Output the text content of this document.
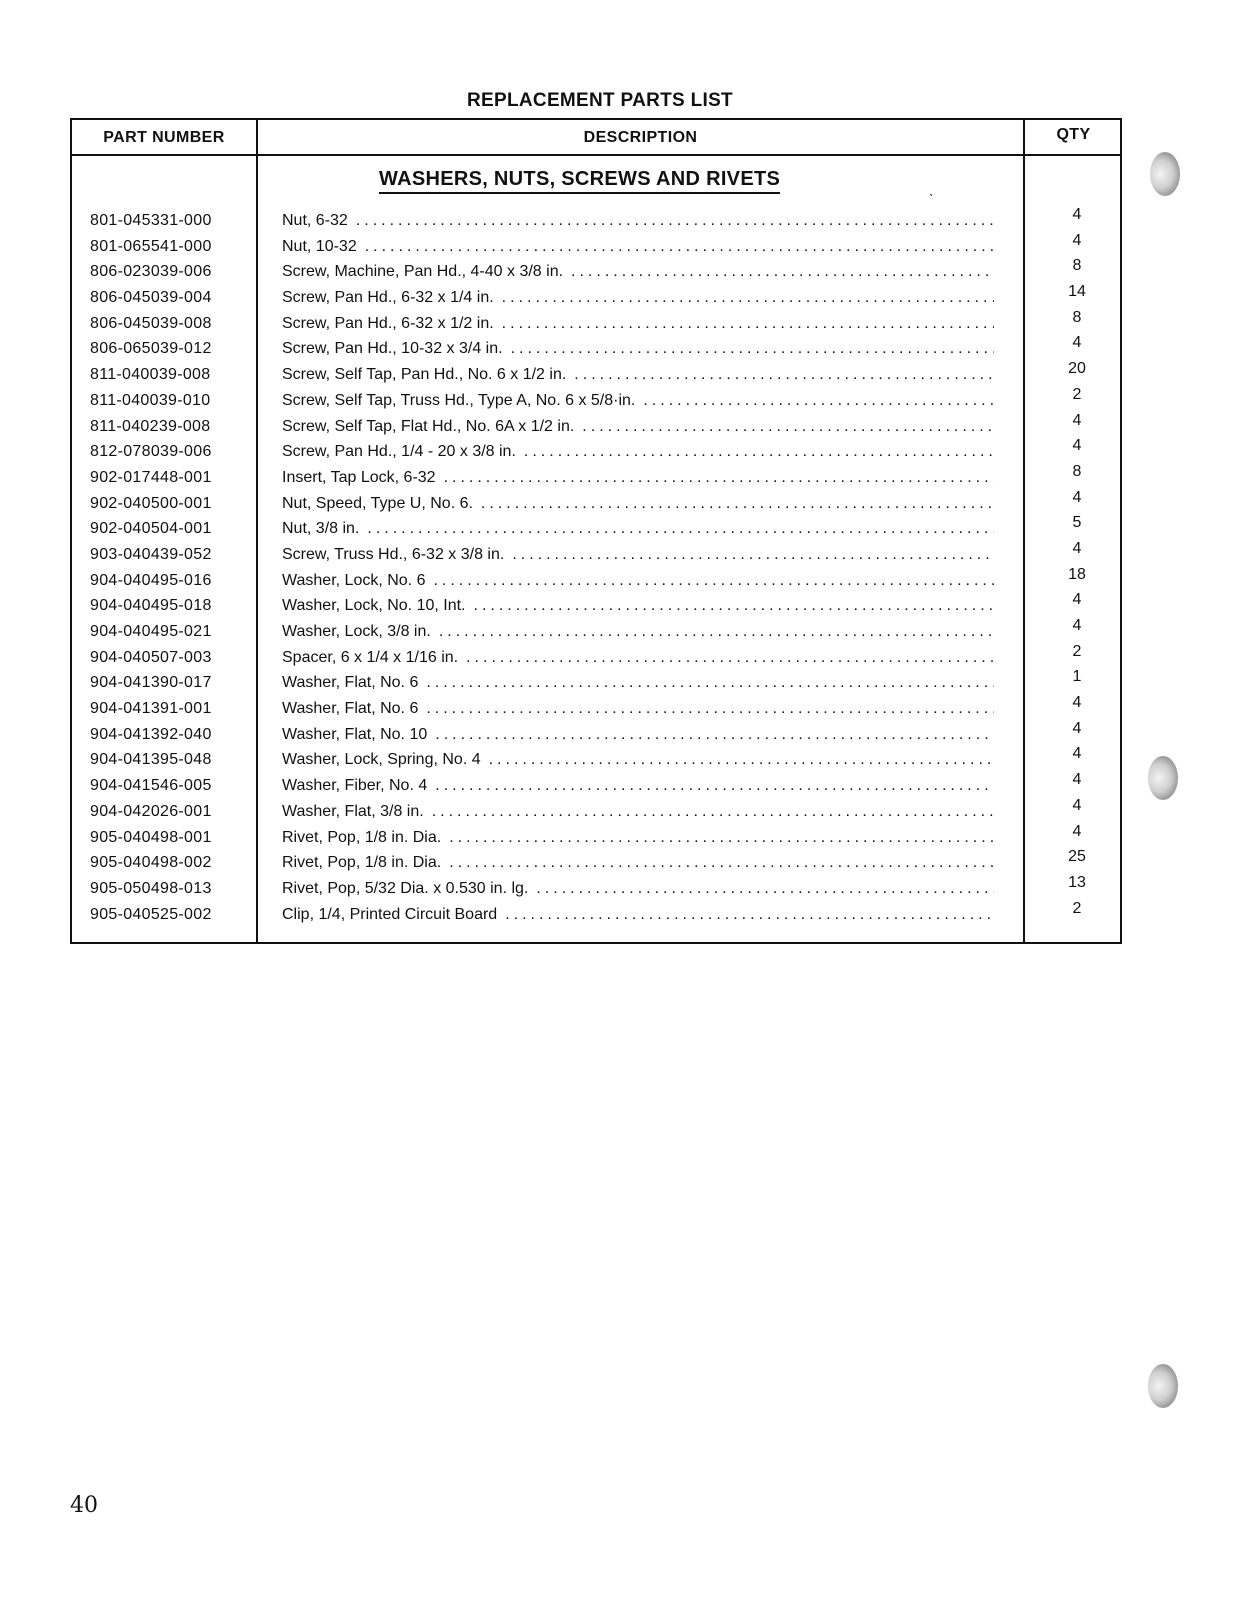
REPLACEMENT PARTS LIST
PART NUMBER	DESCRIPTION	QTY
WASHERS, NUTS, SCREWS AND RIVETS	ˎ
801-045331-000	Nut, 6-32 .....	4
801-065541-000	Nut, 10-32 .....	4
806-023039-006	Screw, Machine, Pan Hd., 4-40 x 3/8 in. .....	8
806-045039-004	Screw, Pan Hd., 6-32 x 1/4 in. .....	14
806-045039-008	Screw, Pan Hd., 6-32 x 1/2 in. .....	8
806-065039-012	Screw, Pan Hd., 10-32 x 3/4 in. .....	4
811-040039-008	Screw, Self Tap, Pan Hd., No. 6 x 1/2 in. .....	20
811-040039-010	Screw, Self Tap, Truss Hd., Type A, No. 6 x 5/8·in. .....	2
811-040239-008	Screw, Self Tap, Flat Hd., No. 6A x 1/2 in. .....	4
812-078039-006	Screw, Pan Hd., 1/4 - 20 x 3/8 in. .....	4
902-017448-001	Insert, Tap Lock, 6-32 .....	8
902-040500-001	Nut, Speed, Type U, No. 6. .....	4
902-040504-001	Nut, 3/8 in. .....	5
903-040439-052	Screw, Truss Hd., 6-32 x 3/8 in. .....	4
904-040495-016	Washer, Lock, No. 6 .....	18
904-040495-018	Washer, Lock, No. 10, Int. .....	4
904-040495-021	Washer, Lock, 3/8 in. .....	4
904-040507-003	Spacer, 6 x 1/4 x 1/16 in. .....	2
904-041390-017	Washer, Flat, No. 6 .....	1
904-041391-001	Washer, Flat, No. 6 .....	4
904-041392-040	Washer, Flat, No. 10 .....	4
904-041395-048	Washer, Lock, Spring, No. 4 .....	4
904-041546-005	Washer, Fiber, No. 4 .....	4
904-042026-001	Washer, Flat, 3/8 in. .....	4
905-040498-001	Rivet, Pop, 1/8 in. Dia. .....	4
905-040498-002	Rivet, Pop, 1/8 in. Dia. .....	25
905-050498-013	Rivet, Pop, 5/32 Dia. x 0.530 in. lg. .....	13
905-040525-002	Clip, 1/4, Printed Circuit Board .....	2
40
